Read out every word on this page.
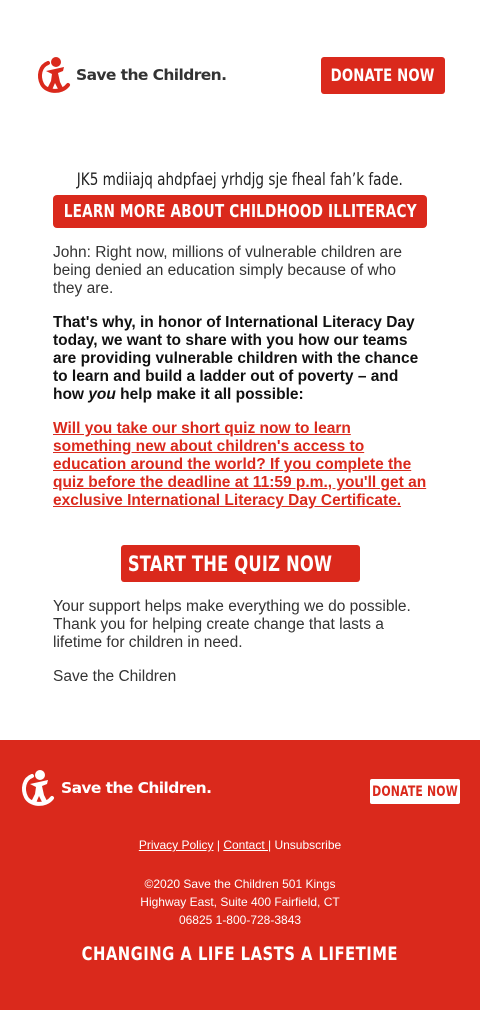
Save the Children.	DONATE NOW
JK5 mdiiajq ahdpfaej yrhdjg sje fheal fah’k fade.
LEARN MORE ABOUT CHILDHOOD ILLITERACY

John: Right now, millions of vulnerable children are being denied an education simply because of who they are.

That's why, in honor of International Literacy Day today, we want to share with you how our teams are providing vulnerable children with the chance to learn and build a ladder out of poverty – and how you help make it all possible:

Will you take our short quiz now to learn something new about children's access to education around the world? If you complete the quiz before the deadline at 11:59 p.m., you'll get an exclusive International Literacy Day Certificate.
START THE QUIZ NOW »

Your support helps make everything we do possible. Thank you for helping create change that lasts a lifetime for children in need.

Save the Children

Save the Children.	DONATE NOW
Privacy Policy | Contact | Unsubscribe
©2020 Save the Children 501 Kings
Highway East, Suite 400 Fairfield, CT
06825 1-800-728-3843
CHANGING A LIFE LASTS A LIFETIME
